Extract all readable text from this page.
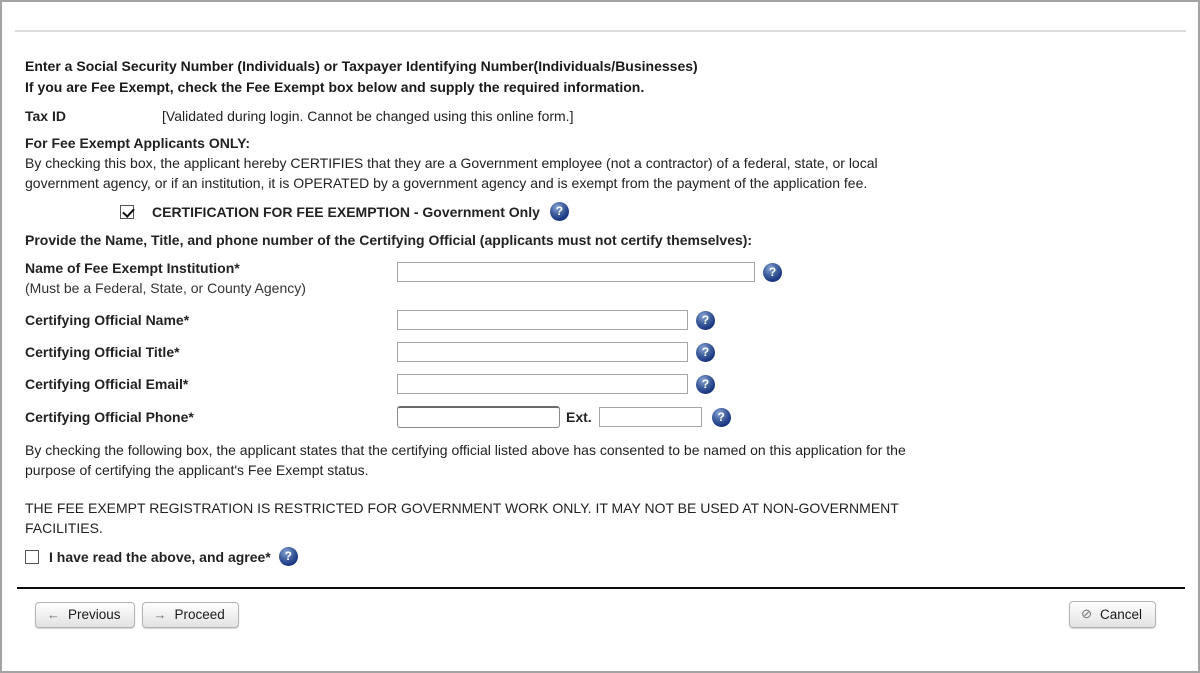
Enter a Social Security Number (Individuals) or Taxpayer Identifying Number(Individuals/Businesses)
If you are Fee Exempt, check the Fee Exempt box below and supply the required information.
Tax ID	[Validated during login. Cannot be changed using this online form.]
For Fee Exempt Applicants ONLY:
By checking this box, the applicant hereby CERTIFIES that they are a Government employee (not a contractor) of a federal, state, or local government agency, or if an institution, it is OPERATED by a government agency and is exempt from the payment of the application fee.
CERTIFICATION FOR FEE EXEMPTION - Government Only	?
Provide the Name, Title, and phone number of the Certifying Official (applicants must not certify themselves):
Name of Fee Exempt Institution*
(Must be a Federal, State, or County Agency)
?
Certifying Official Name*	?
Certifying Official Title*	?
Certifying Official Email*	?
Certifying Official Phone*	Ext.	?
By checking the following box, the applicant states that the certifying official listed above has consented to be named on this application for the purpose of certifying the applicant's Fee Exempt status.
THE FEE EXEMPT REGISTRATION IS RESTRICTED FOR GOVERNMENT WORK ONLY. IT MAY NOT BE USED AT NON-GOVERNMENT FACILITIES.
I have read the above, and agree*	?
← Previous	→ Proceed	⊘ Cancel
